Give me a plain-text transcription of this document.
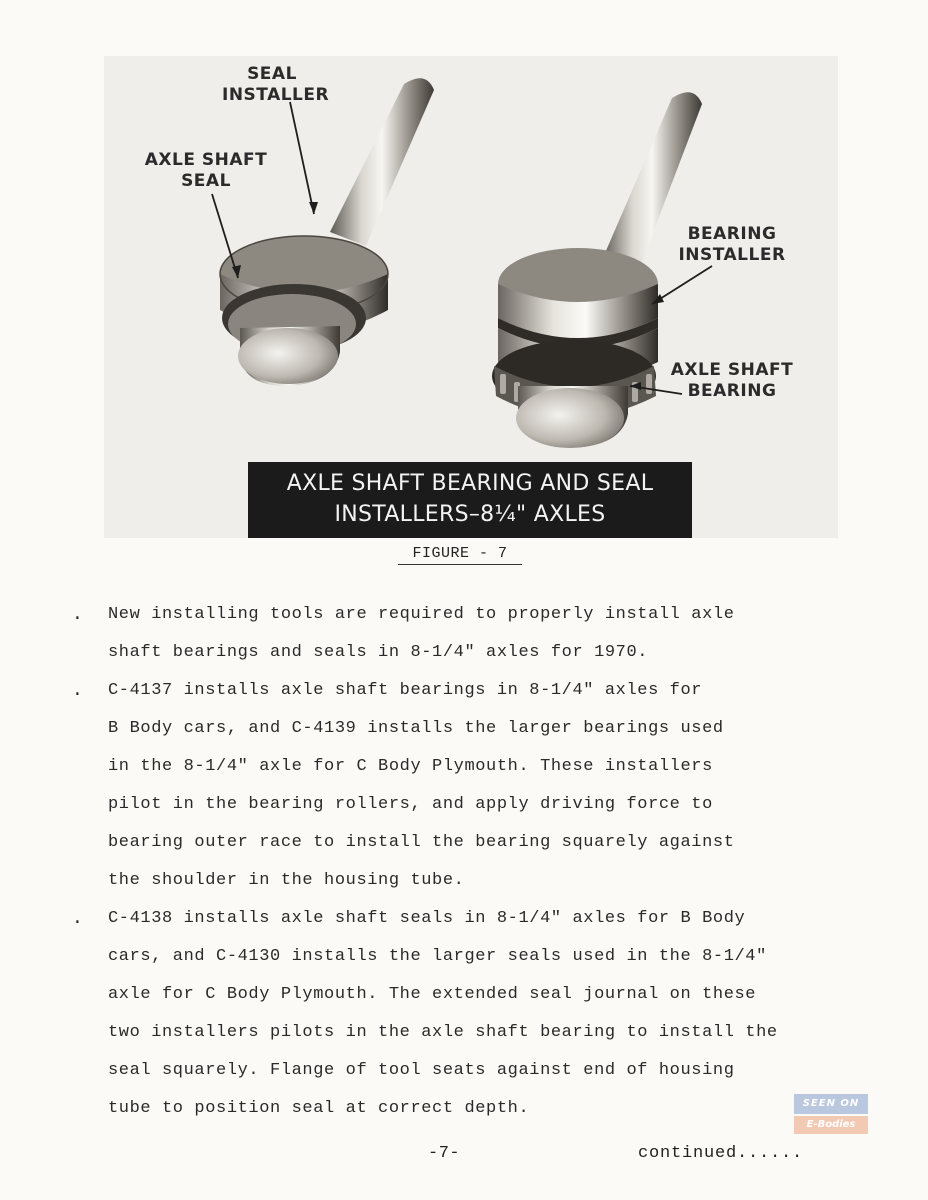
SEAL
INSTALLER
AXLE SHAFT
SEAL
BEARING
INSTALLER
AXLE SHAFT
BEARING
AXLE SHAFT BEARING AND SEAL
INSTALLERS–8¼" AXLES
FIGURE - 7
.	New installing tools are required to properly install axle
shaft bearings and seals in 8-1/4" axles for 1970.
.	C-4137 installs axle shaft bearings in 8-1/4" axles for
B Body cars, and C-4139 installs the larger bearings used
in the 8-1/4" axle for C Body Plymouth. These installers
pilot in the bearing rollers, and apply driving force to
bearing outer race to install the bearing squarely against
the shoulder in the housing tube.
.	C-4138 installs axle shaft seals in 8-1/4" axles for B Body
cars, and C-4130 installs the larger seals used in the 8-1/4"
axle for C Body Plymouth. The extended seal journal on these
two installers pilots in the axle shaft bearing to install the
seal squarely. Flange of tool seats against end of housing
tube to position seal at correct depth.
-7-	continued......
SEEN ON
E-Bodies
